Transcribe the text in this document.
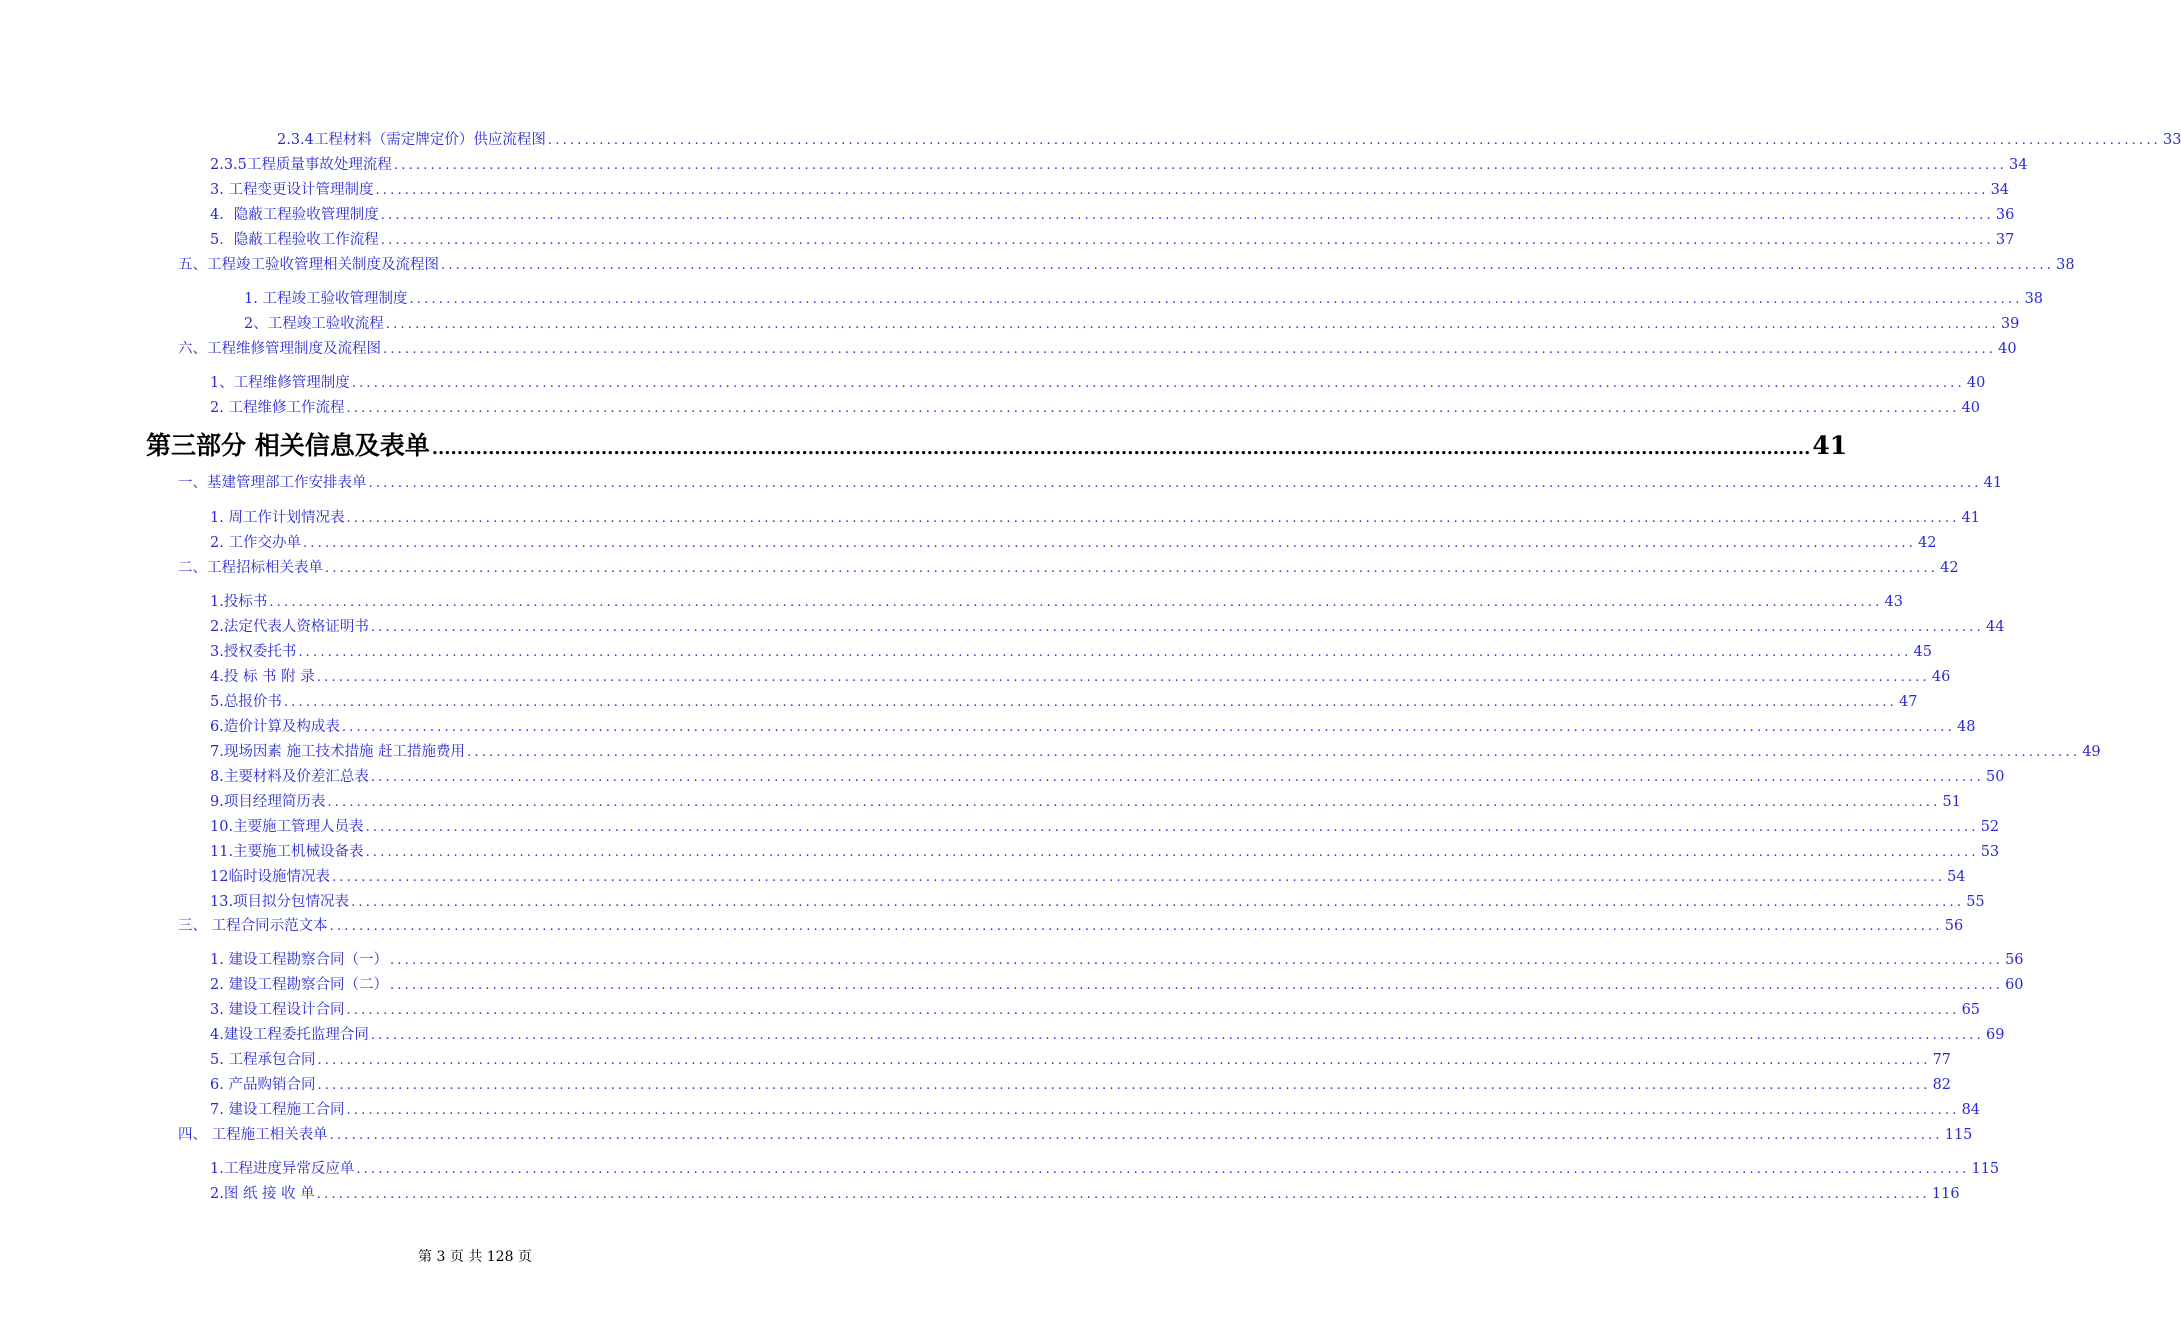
2.3.4工程材料（需定牌定价）供应流程图 ............................................................................................................................................................................................................................ 33
2.3.5工程质量事故处理流程 ............................................................................................................................................................................................................................ 34
3. 工程变更设计管理制度 ............................................................................................................................................................................................................................ 34
4．隐蔽工程验收管理制度 ............................................................................................................................................................................................................................ 36
5．隐蔽工程验收工作流程 ............................................................................................................................................................................................................................ 37
五、工程竣工验收管理相关制度及流程图 ............................................................................................................................................................................................................................ 38
1. 工程竣工验收管理制度 ............................................................................................................................................................................................................................ 38
2、工程竣工验收流程 ............................................................................................................................................................................................................................ 39
六、工程维修管理制度及流程图 ............................................................................................................................................................................................................................ 40
1、工程维修管理制度 ............................................................................................................................................................................................................................ 40
2. 工程维修工作流程 ............................................................................................................................................................................................................................ 40
第三部分 相关信息及表单 ............................................................................................................................................................................................................................ 41
一、基建管理部工作安排表单 ............................................................................................................................................................................................................................ 41
1. 周工作计划情况表 ............................................................................................................................................................................................................................ 41
2. 工作交办单 ............................................................................................................................................................................................................................ 42
二、工程招标相关表单 ............................................................................................................................................................................................................................ 42
1.投标书 ............................................................................................................................................................................................................................ 43
2.法定代表人资格证明书 ............................................................................................................................................................................................................................ 44
3.授权委托书 ............................................................................................................................................................................................................................ 45
4.投 标 书 附 录 ............................................................................................................................................................................................................................ 46
5.总报价书 ............................................................................................................................................................................................................................ 47
6.造价计算及构成表 ............................................................................................................................................................................................................................ 48
7.现场因素 施工技术措施 赶工措施费用 ............................................................................................................................................................................................................................ 49
8.主要材料及价差汇总表 ............................................................................................................................................................................................................................ 50
9.项目经理简历表 ............................................................................................................................................................................................................................ 51
10.主要施工管理人员表 ............................................................................................................................................................................................................................ 52
11.主要施工机械设备表 ............................................................................................................................................................................................................................ 53
12临时设施情况表 ............................................................................................................................................................................................................................ 54
13.项目拟分包情况表 ............................................................................................................................................................................................................................ 55
三、 工程合同示范文本 ............................................................................................................................................................................................................................ 56
1. 建设工程勘察合同（一） ............................................................................................................................................................................................................................ 56
2. 建设工程勘察合同（二） ............................................................................................................................................................................................................................ 60
3. 建设工程设计合同 ............................................................................................................................................................................................................................ 65
4.建设工程委托监理合同 ............................................................................................................................................................................................................................ 69
5. 工程承包合同 ............................................................................................................................................................................................................................ 77
6. 产品购销合同 ............................................................................................................................................................................................................................ 82
7. 建设工程施工合同 ............................................................................................................................................................................................................................ 84
四、 工程施工相关表单 ............................................................................................................................................................................................................................ 115
1.工程进度异常反应单 ............................................................................................................................................................................................................................ 115
2.图 纸 接 收 单 ............................................................................................................................................................................................................................ 116
第 3 页 共 128 页
